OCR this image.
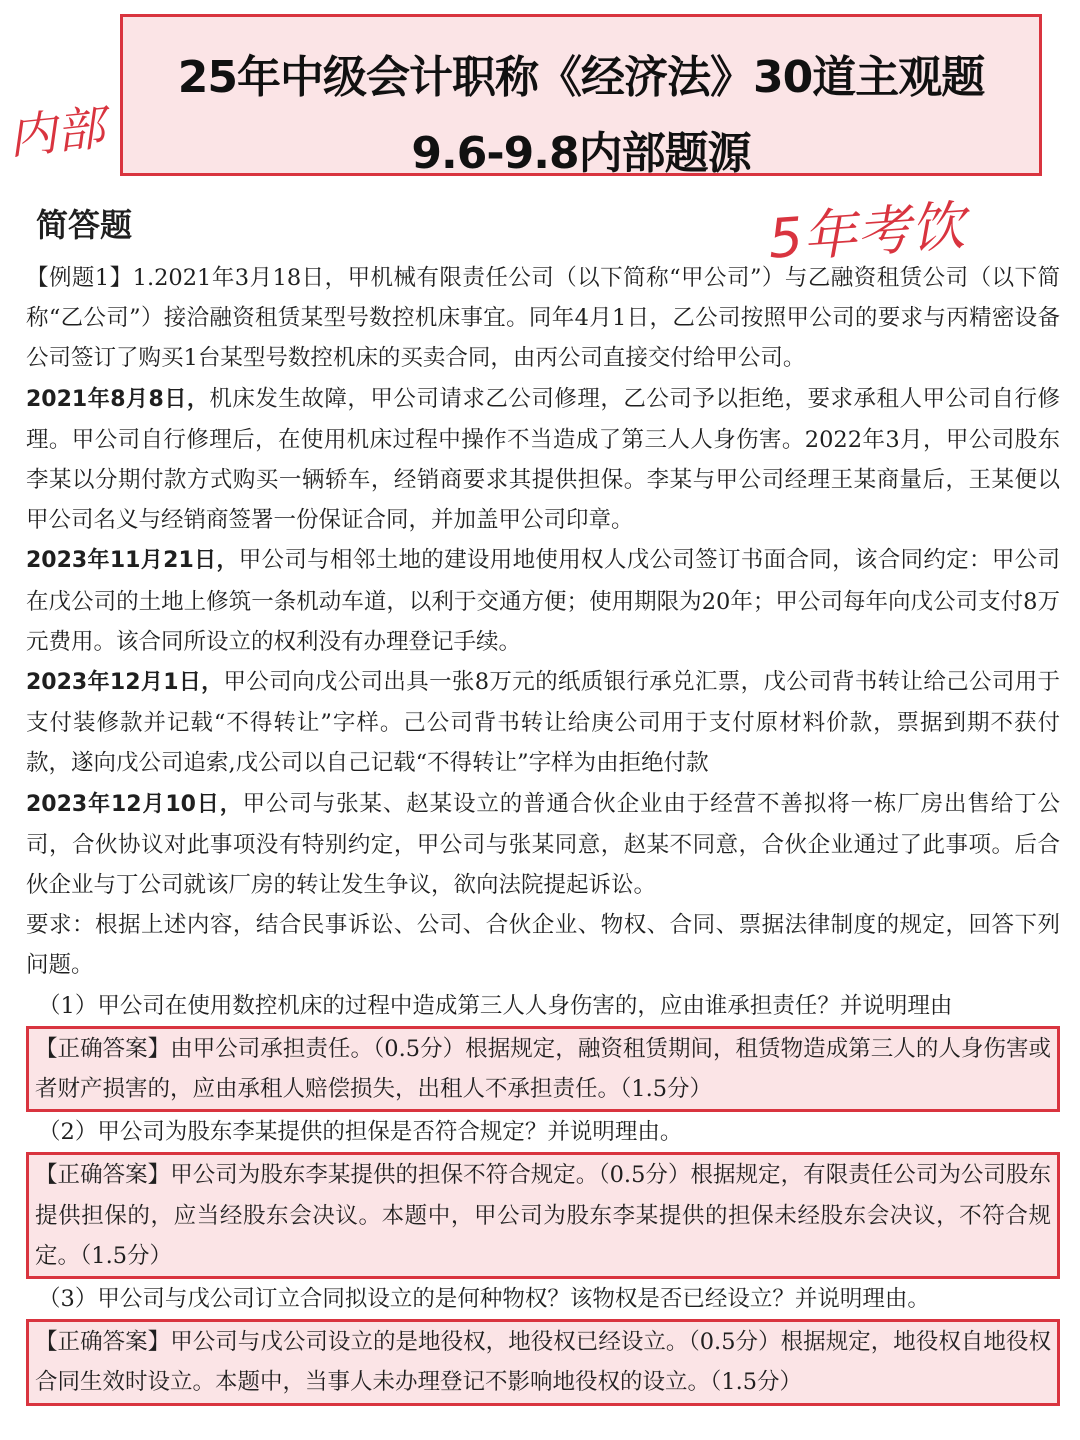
25年中级会计职称《经济法》30道主观题
9.6-9.8内部题源
内部
5年考饮
简答题

【例题1】1.2021年3月18日，甲机械有限责任公司（以下简称“甲公司”）与乙融资租赁公司（以下简称“乙公司”）接洽融资租赁某型号数控机床事宜。同年4月1日，乙公司按照甲公司的要求与丙精密设备公司签订了购买1台某型号数控机床的买卖合同，由丙公司直接交付给甲公司。

2021年8月8日，机床发生故障，甲公司请求乙公司修理，乙公司予以拒绝，要求承租人甲公司自行修理。甲公司自行修理后，在使用机床过程中操作不当造成了第三人人身伤害。2022年3月，甲公司股东李某以分期付款方式购买一辆轿车，经销商要求其提供担保。李某与甲公司经理王某商量后，王某便以甲公司名义与经销商签署一份保证合同，并加盖甲公司印章。

2023年11月21日，甲公司与相邻土地的建设用地使用权人戊公司签订书面合同，该合同约定：甲公司在戊公司的土地上修筑一条机动车道，以利于交通方便；使用期限为20年；甲公司每年向戊公司支付8万元费用。该合同所设立的权利没有办理登记手续。

2023年12月1日，甲公司向戊公司出具一张8万元的纸质银行承兑汇票，戊公司背书转让给己公司用于支付装修款并记载“不得转让”字样。己公司背书转让给庚公司用于支付原材料价款，票据到期不获付款，遂向戊公司追索,戊公司以自己记载“不得转让”字样为由拒绝付款

2023年12月10日，甲公司与张某、赵某设立的普通合伙企业由于经营不善拟将一栋厂房出售给丁公司，合伙协议对此事项没有特别约定，甲公司与张某同意，赵某不同意，合伙企业通过了此事项。后合伙企业与丁公司就该厂房的转让发生争议，欲向法院提起诉讼。

要求：根据上述内容，结合民事诉讼、公司、合伙企业、物权、合同、票据法律制度的规定，回答下列问题。

（1）甲公司在使用数控机床的过程中造成第三人人身伤害的，应由谁承担责任？并说明理由

【正确答案】由甲公司承担责任。（0.5分）根据规定，融资租赁期间，租赁物造成第三人的人身伤害或者财产损害的，应由承租人赔偿损失，出租人不承担责任。（1.5分）

（2）甲公司为股东李某提供的担保是否符合规定？并说明理由。

【正确答案】甲公司为股东李某提供的担保不符合规定。（0.5分）根据规定，有限责任公司为公司股东提供担保的，应当经股东会决议。本题中，甲公司为股东李某提供的担保未经股东会决议，不符合规定。（1.5分）

（3）甲公司与戊公司订立合同拟设立的是何种物权？该物权是否已经设立？并说明理由。

【正确答案】甲公司与戊公司设立的是地役权，地役权已经设立。（0.5分）根据规定，地役权自地役权合同生效时设立。本题中，当事人未办理登记不影响地役权的设立。（1.5分）
